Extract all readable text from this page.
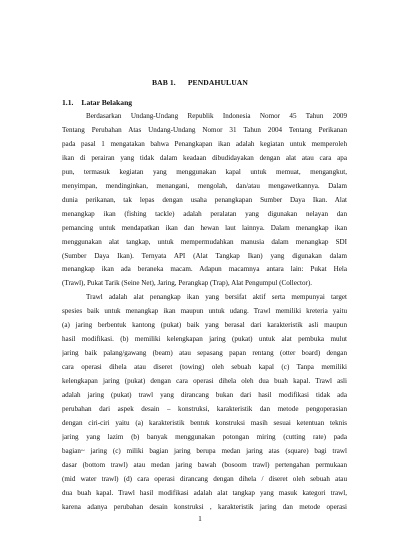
BAB 1. PENDAHULUAN
1.1. Latar Belakang
Berdasarkan Undang-Undang Republik Indonesia Nomor 45 Tahun 2009
Tentang Perubahan Atas Undang-Undang Nomor 31 Tahun 2004 Tentang Perikanan
pada pasal 1 mengatakan bahwa Penangkapan ikan adalah kegiatan untuk memperoleh
ikan di perairan yang tidak dalam keadaan dibudidayakan dengan alat atau cara apa
pun, termasuk kegiatan yang menggunakan kapal untuk memuat, mengangkut,
menyimpan, mendinginkan, menangani, mengolah, dan/atau mengawetkannya. Dalam
dunia perikanan, tak lepas dengan usaha penangkapan Sumber Daya Ikan. Alat
menangkap ikan (fishing tackle) adalah peralatan yang digunakan nelayan dan
pemancing untuk mendapatkan ikan dan hewan laut lainnya. Dalam menangkap ikan
menggunakan alat tangkap, untuk mempermudahkan manusia dalam menangkap SDI
(Sumber Daya Ikan). Ternyata API (Alat Tangkap Ikan) yang digunakan dalam
menangkap ikan ada beraneka macam. Adapun macamnya antara lain: Pukat Hela
(Trawl), Pukat Tarik (Seine Net), Jaring, Perangkap (Trap), Alat Pengumpul (Collector).
Trawl adalah alat penangkap ikan yang bersifat aktif serta mempunyai target
spesies baik untuk menangkap ikan maupun untuk udang. Trawl memiliki kreteria yaitu
(a) jaring berbentuk kantong (pukat) baik yang berasal dari karakteristik asli maupun
hasil modifikasi. (b) memiliki kelengkapan jaring (pukat) untuk alat pembuka mulut
jaring baik palang/gawang (beam) atau sepasang papan rentang (otter board) dengan
cara operasi dihela atau diseret (towing) oleh sebuah kapal (c) Tanpa memiliki
kelengkapan jaring (pukat) dengan cara operasi dihela oleh dua buah kapal. Trawl asli
adalah jaring (pukat) trawl yang dirancang bukan dari hasil modifikasi tidak ada
perubahan dari aspek desain – konstruksi, karakteristik dan metode pengoperasian
dengan ciri-ciri yaitu (a) karakteristik bentuk konstruksi masih sesuai ketentuan teknis
jaring yang lazim (b) banyak menggunakan potongan miring (cutting rate) pada
bagian~ jaring (c) miliki bagian jaring berupa medan jaring atas (square) bagi trawl
dasar (bottom trawl) atau medan jaring bawah (bosoom trawl) pertengahan permukaan
(mid water trawl) (d) cara operasi dirancang dengan dihela / diseret oleh sebuah atau
dua buah kapal. Trawl hasil modifikasi adalah alat tangkap yang masuk kategori trawl,
karena adanya perubahan desain konstruksi , karakteristik jaring dan metode operasi
1
